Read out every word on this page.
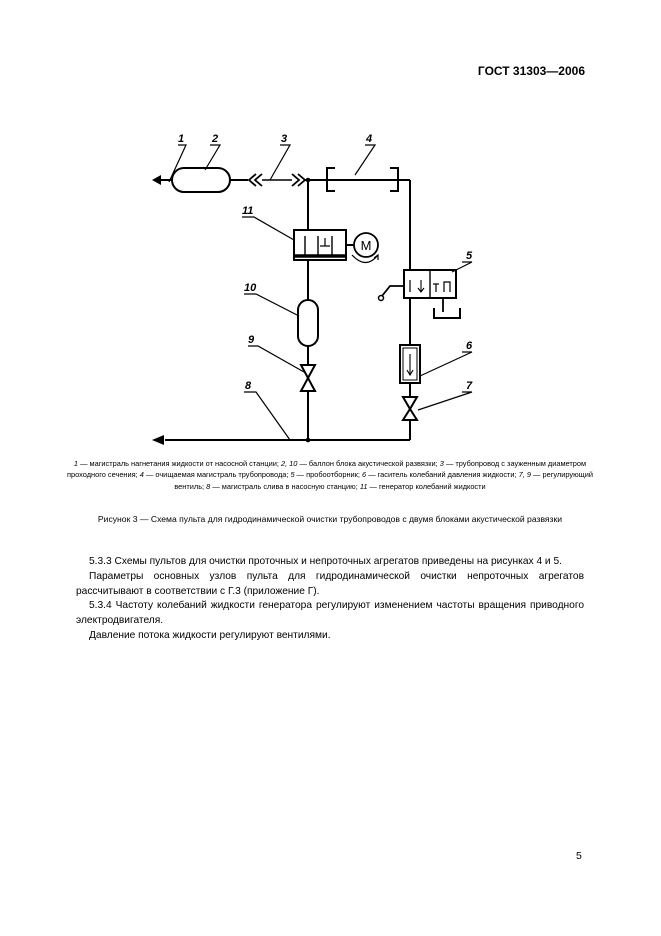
ГОСТ 31303—2006
М
1	2	3	4
5
6
7
8
9
10
11
1 — магистраль нагнетания жидкости от насосной станции; 2, 10 — баллон блока акустической развязки; 3 — трубопровод с зауженным диаметром проходного сечения; 4 — очищаемая магистраль трубопровода; 5 — пробоотборник; 6 — гаситель колебаний давления жидкости; 7, 9 — регулирующий вентиль; 8 — магистраль слива в насосную станцию; 11 — генератор колебаний жидкости
Рисунок 3 — Схема пульта для гидродинамической очистки трубопроводов с двумя блоками акустической развязки

5.3.3 Схемы пультов для очистки проточных и непроточных агрегатов приведены на рисунках 4 и 5.

Параметры основных узлов пульта для гидродинамической очистки непроточных агрегатов рассчитывают в соответствии с Г.3 (приложение Г).

5.3.4 Частоту колебаний жидкости генератора регулируют изменением частоты вращения приводного электродвигателя.

Давление потока жидкости регулируют вентилями.

5
